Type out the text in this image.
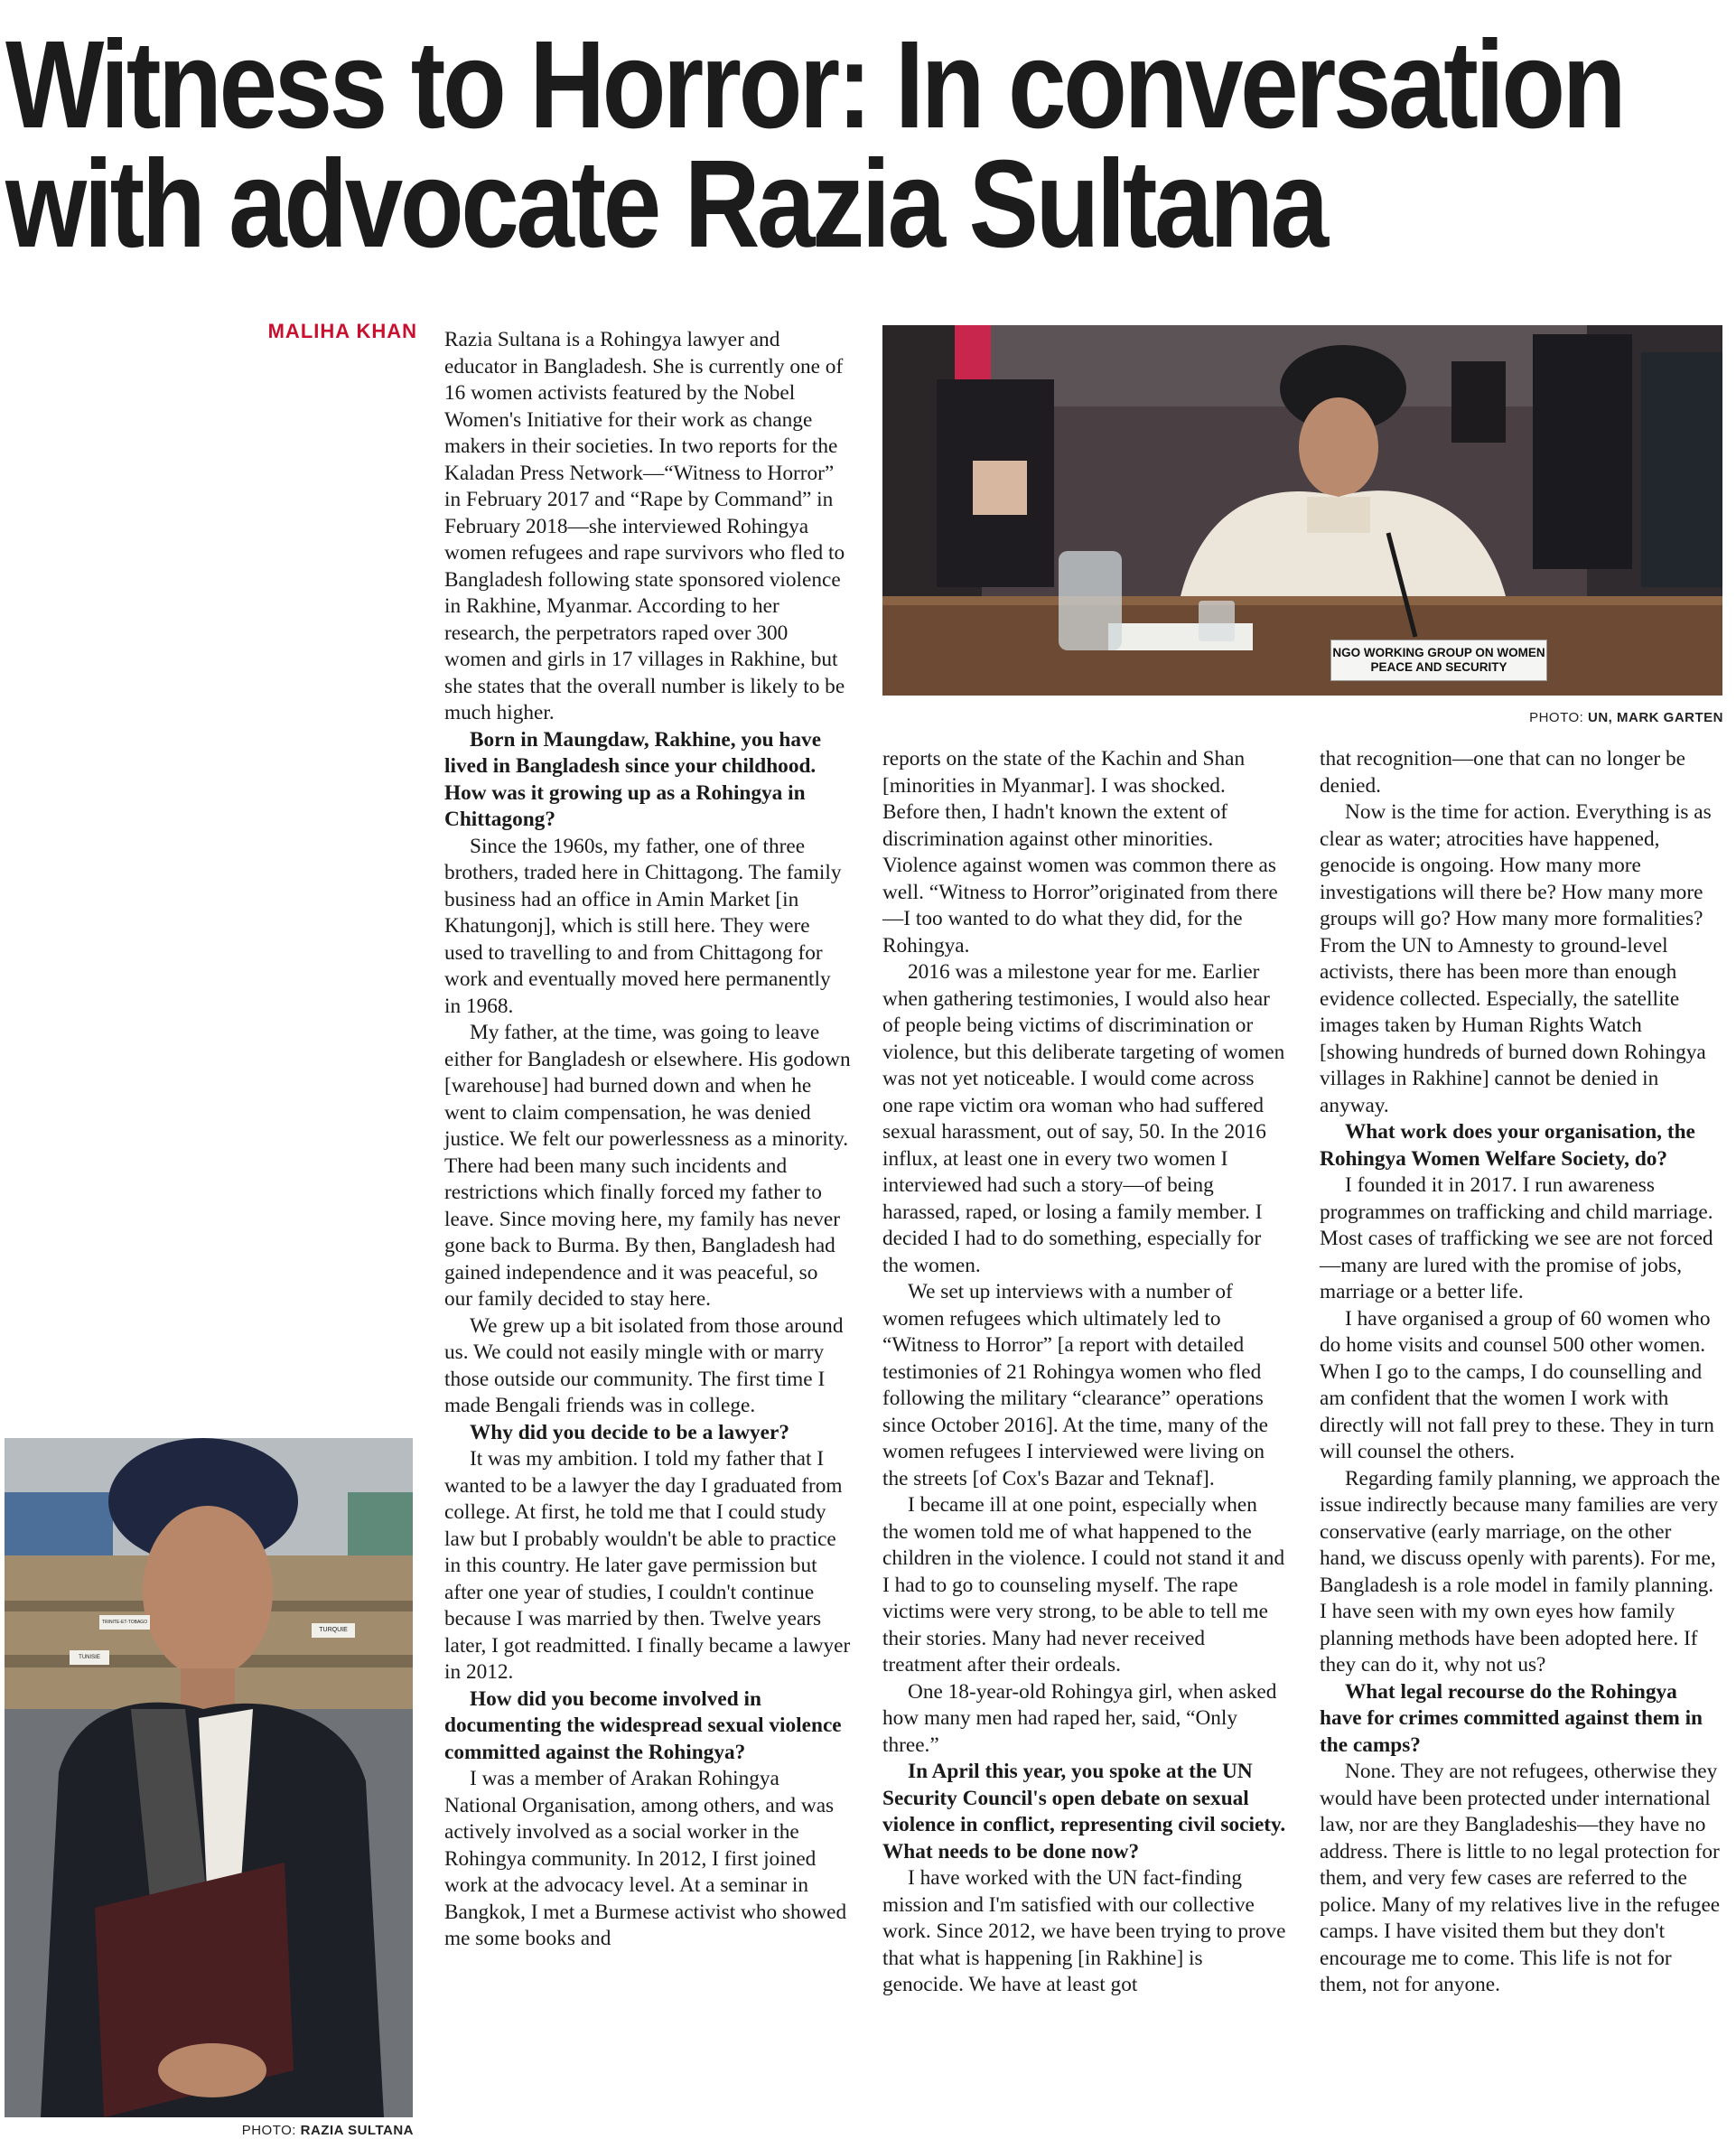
Witness to Horror: In conversation
with advocate Razia Sultana
MALIHA KHAN
NGO WORKING GROUP ON WOMEN
PEACE AND SECURITY
PHOTO: UN, MARK GARTEN
TUNISIE
TRINITE-ET-TOBAGO
TURQUIE
PHOTO: RAZIA SULTANA

Razia Sultana is a Rohingya lawyer and educator in Bangladesh. She is currently one of 16 women activists featured by the Nobel Women's Initiative for their work as change makers in their societies. In two reports for the Kaladan Press Network—“Witness to Horror” in February 2017 and “Rape by Command” in February 2018—she interviewed Rohingya women refugees and rape survivors who fled to Bangladesh following state sponsored violence in Rakhine, Myanmar. According to her research, the perpetrators raped over 300 women and girls in 17 villages in Rakhine, but she states that the overall number is likely to be much higher.

Born in Maungdaw, Rakhine, you have lived in Bangladesh since your childhood. How was it growing up as a Rohingya in Chittagong?

Since the 1960s, my father, one of three brothers, traded here in Chittagong. The family business had an office in Amin Market [in Khatungonj], which is still here. They were used to travelling to and from Chittagong for work and eventually moved here permanently in 1968.

My father, at the time, was going to leave either for Bangladesh or elsewhere. His godown [warehouse] had burned down and when he went to claim compensation, he was denied justice. We felt our powerlessness as a minority. There had been many such incidents and restrictions which finally forced my father to leave. Since moving here, my family has never gone back to Burma. By then, Bangladesh had gained independence and it was peaceful, so our family decided to stay here.

We grew up a bit isolated from those around us. We could not easily mingle with or marry those outside our community. The first time I made Bengali friends was in college.

Why did you decide to be a lawyer?

It was my ambition. I told my father that I wanted to be a lawyer the day I graduated from college. At first, he told me that I could study law but I probably wouldn't be able to practice in this country. He later gave permission but after one year of studies, I couldn't continue because I was married by then. Twelve years later, I got readmitted. I finally became a lawyer in 2012.

How did you become involved in documenting the widespread sexual violence committed against the Rohingya?

I was a member of Arakan Rohingya National Organisation, among others, and was actively involved as a social worker in the Rohingya community. In 2012, I first joined work at the advocacy level. At a seminar in Bangkok, I met a Burmese activist who showed me some books and

reports on the state of the Kachin and Shan [minorities in Myanmar]. I was shocked. Before then, I hadn't known the extent of discrimination against other minorities. Violence against women was common there as well. “Witness to Horror”originated from there—I too wanted to do what they did, for the Rohingya.

2016 was a milestone year for me. Earlier when gathering testimonies, I would also hear of people being victims of discrimination or violence, but this deliberate targeting of women was not yet noticeable. I would come across one rape victim ora woman who had suffered sexual harassment, out of say, 50. In the 2016 influx, at least one in every two women I interviewed had such a story—of being harassed, raped, or losing a family member. I decided I had to do something, especially for the women.

We set up interviews with a number of women refugees which ultimately led to “Witness to Horror” [a report with detailed testimonies of 21 Rohingya women who fled following the military “clearance” operations since October 2016]. At the time, many of the women refugees I interviewed were living on the streets [of Cox's Bazar and Teknaf].

I became ill at one point, especially when the women told me of what happened to the children in the violence. I could not stand it and I had to go to counseling myself. The rape victims were very strong, to be able to tell me their stories. Many had never received treatment after their ordeals.

One 18-year-old Rohingya girl, when asked how many men had raped her, said, “Only three.”

In April this year, you spoke at the UN Security Council's open debate on sexual violence in conflict, representing civil society. What needs to be done now?

I have worked with the UN fact-finding mission and I'm satisfied with our collective work. Since 2012, we have been trying to prove that what is happening [in Rakhine] is genocide. We have at least got

that recognition—one that can no longer be denied.

Now is the time for action. Everything is as clear as water; atrocities have happened, genocide is ongoing. How many more investigations will there be? How many more groups will go? How many more formalities? From the UN to Amnesty to ground-level activists, there has been more than enough evidence collected. Especially, the satellite images taken by Human Rights Watch [showing hundreds of burned down Rohingya villages in Rakhine] cannot be denied in anyway.

What work does your organisation, the Rohingya Women Welfare Society, do?

I founded it in 2017. I run awareness programmes on trafficking and child marriage. Most cases of trafficking we see are not forced—many are lured with the promise of jobs, marriage or a better life.

I have organised a group of 60 women who do home visits and counsel 500 other women. When I go to the camps, I do counselling and am confident that the women I work with directly will not fall prey to these. They in turn will counsel the others.

Regarding family planning, we approach the issue indirectly because many families are very conservative (early marriage, on the other hand, we discuss openly with parents). For me, Bangladesh is a role model in family planning. I have seen with my own eyes how family planning methods have been adopted here. If they can do it, why not us?

What legal recourse do the Rohingya have for crimes committed against them in the camps?

None. They are not refugees, otherwise they would have been protected under international law, nor are they Bangladeshis—they have no address. There is little to no legal protection for them, and very few cases are referred to the police. Many of my relatives live in the refugee camps. I have visited them but they don't encourage me to come. This life is not for them, not for anyone.
